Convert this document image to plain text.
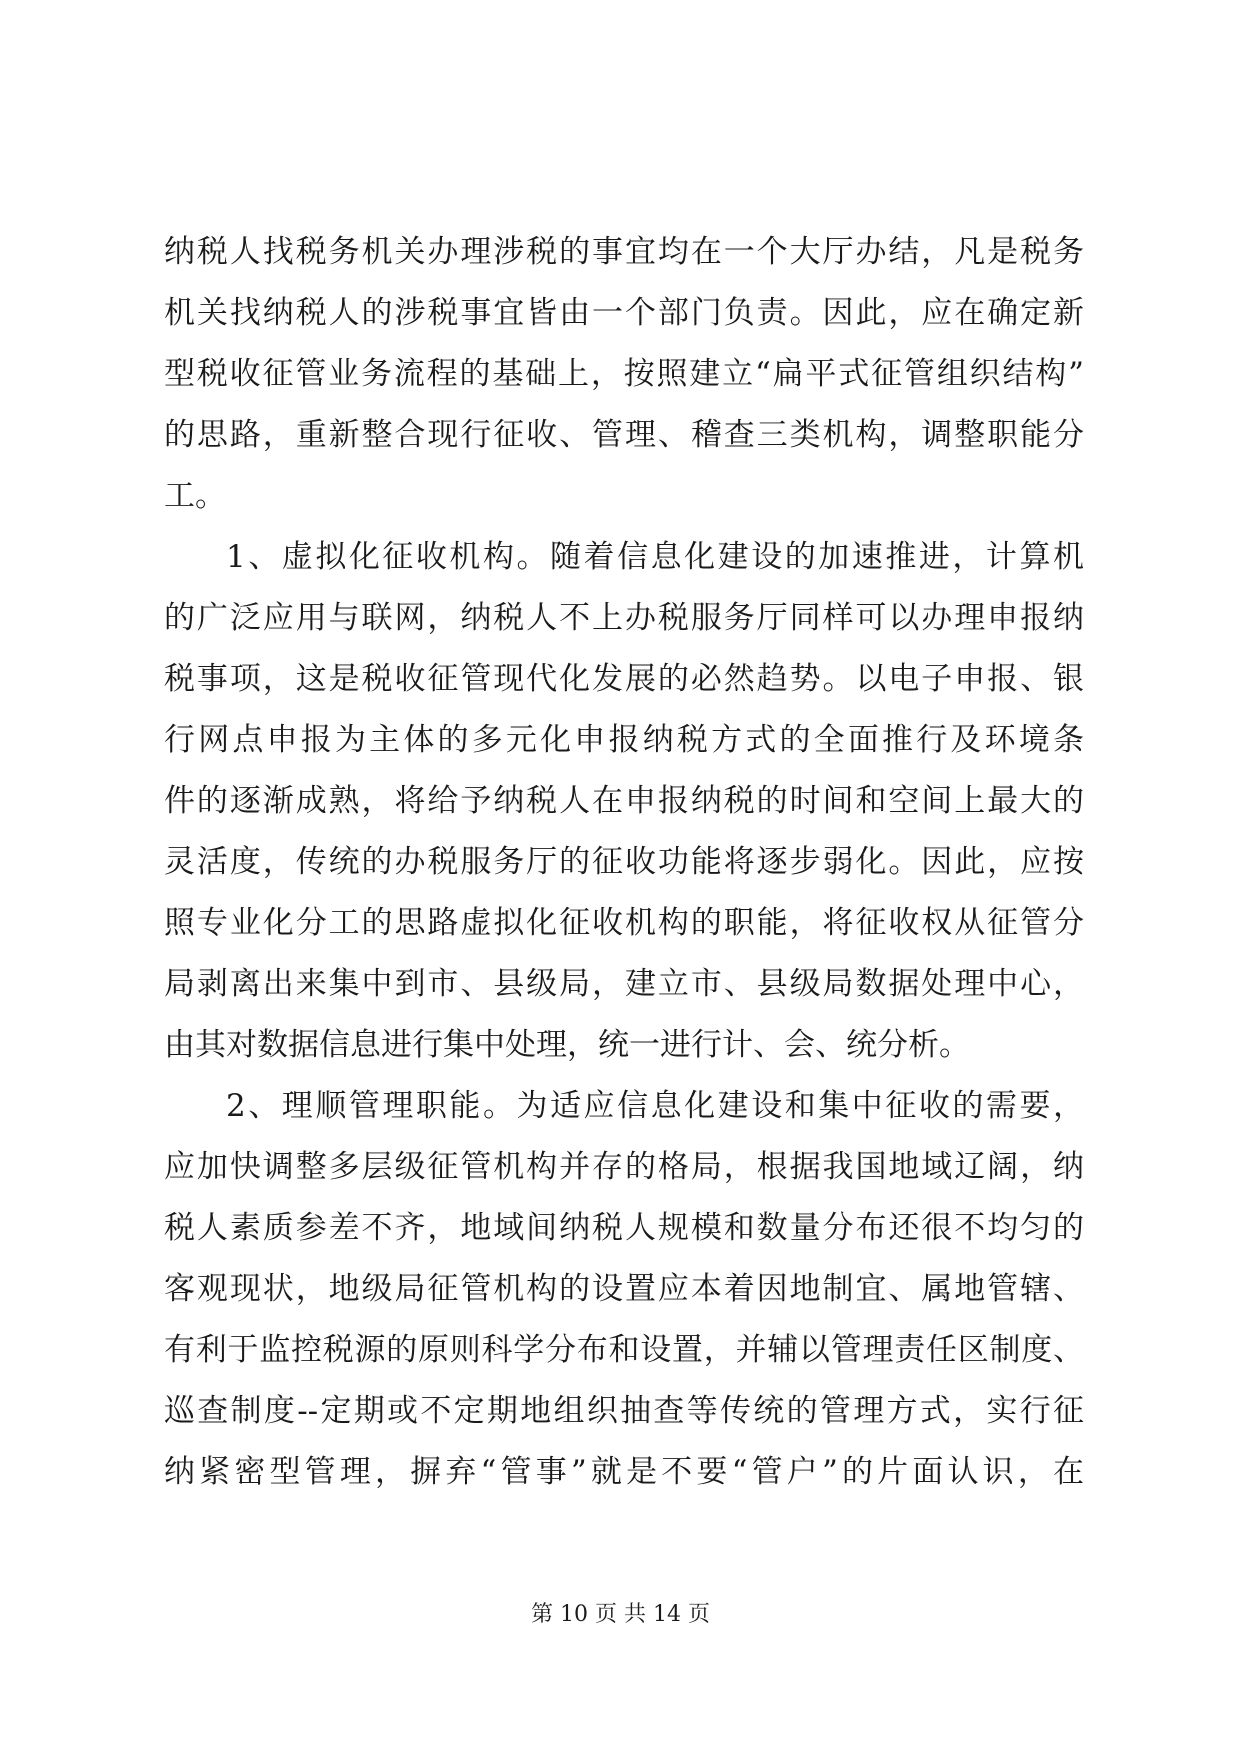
纳税人找税务机关办理涉税的事宜均在一个大厅办结，凡是税务
机关找纳税人的涉税事宜皆由一个部门负责。因此，应在确定新
型税收征管业务流程的基础上，按照建立“扁平式征管组织结构”
的思路，重新整合现行征收、管理、稽查三类机构，调整职能分
工。
1、虚拟化征收机构。随着信息化建设的加速推进，计算机
的广泛应用与联网，纳税人不上办税服务厅同样可以办理申报纳
税事项，这是税收征管现代化发展的必然趋势。以电子申报、银
行网点申报为主体的多元化申报纳税方式的全面推行及环境条
件的逐渐成熟，将给予纳税人在申报纳税的时间和空间上最大的
灵活度，传统的办税服务厅的征收功能将逐步弱化。因此，应按
照专业化分工的思路虚拟化征收机构的职能，将征收权从征管分
局剥离出来集中到市、县级局，建立市、县级局数据处理中心，
由其对数据信息进行集中处理，统一进行计、会、统分析。
2、理顺管理职能。为适应信息化建设和集中征收的需要，
应加快调整多层级征管机构并存的格局，根据我国地域辽阔，纳
税人素质参差不齐，地域间纳税人规模和数量分布还很不均匀的
客观现状，地级局征管机构的设置应本着因地制宜、属地管辖、
有利于监控税源的原则科学分布和设置，并辅以管理责任区制度、
巡查制度--定期或不定期地组织抽查等传统的管理方式，实行征
纳紧密型管理，摒弃“管事”就是不要“管户”的片面认识，在
第 10 页 共 14 页
